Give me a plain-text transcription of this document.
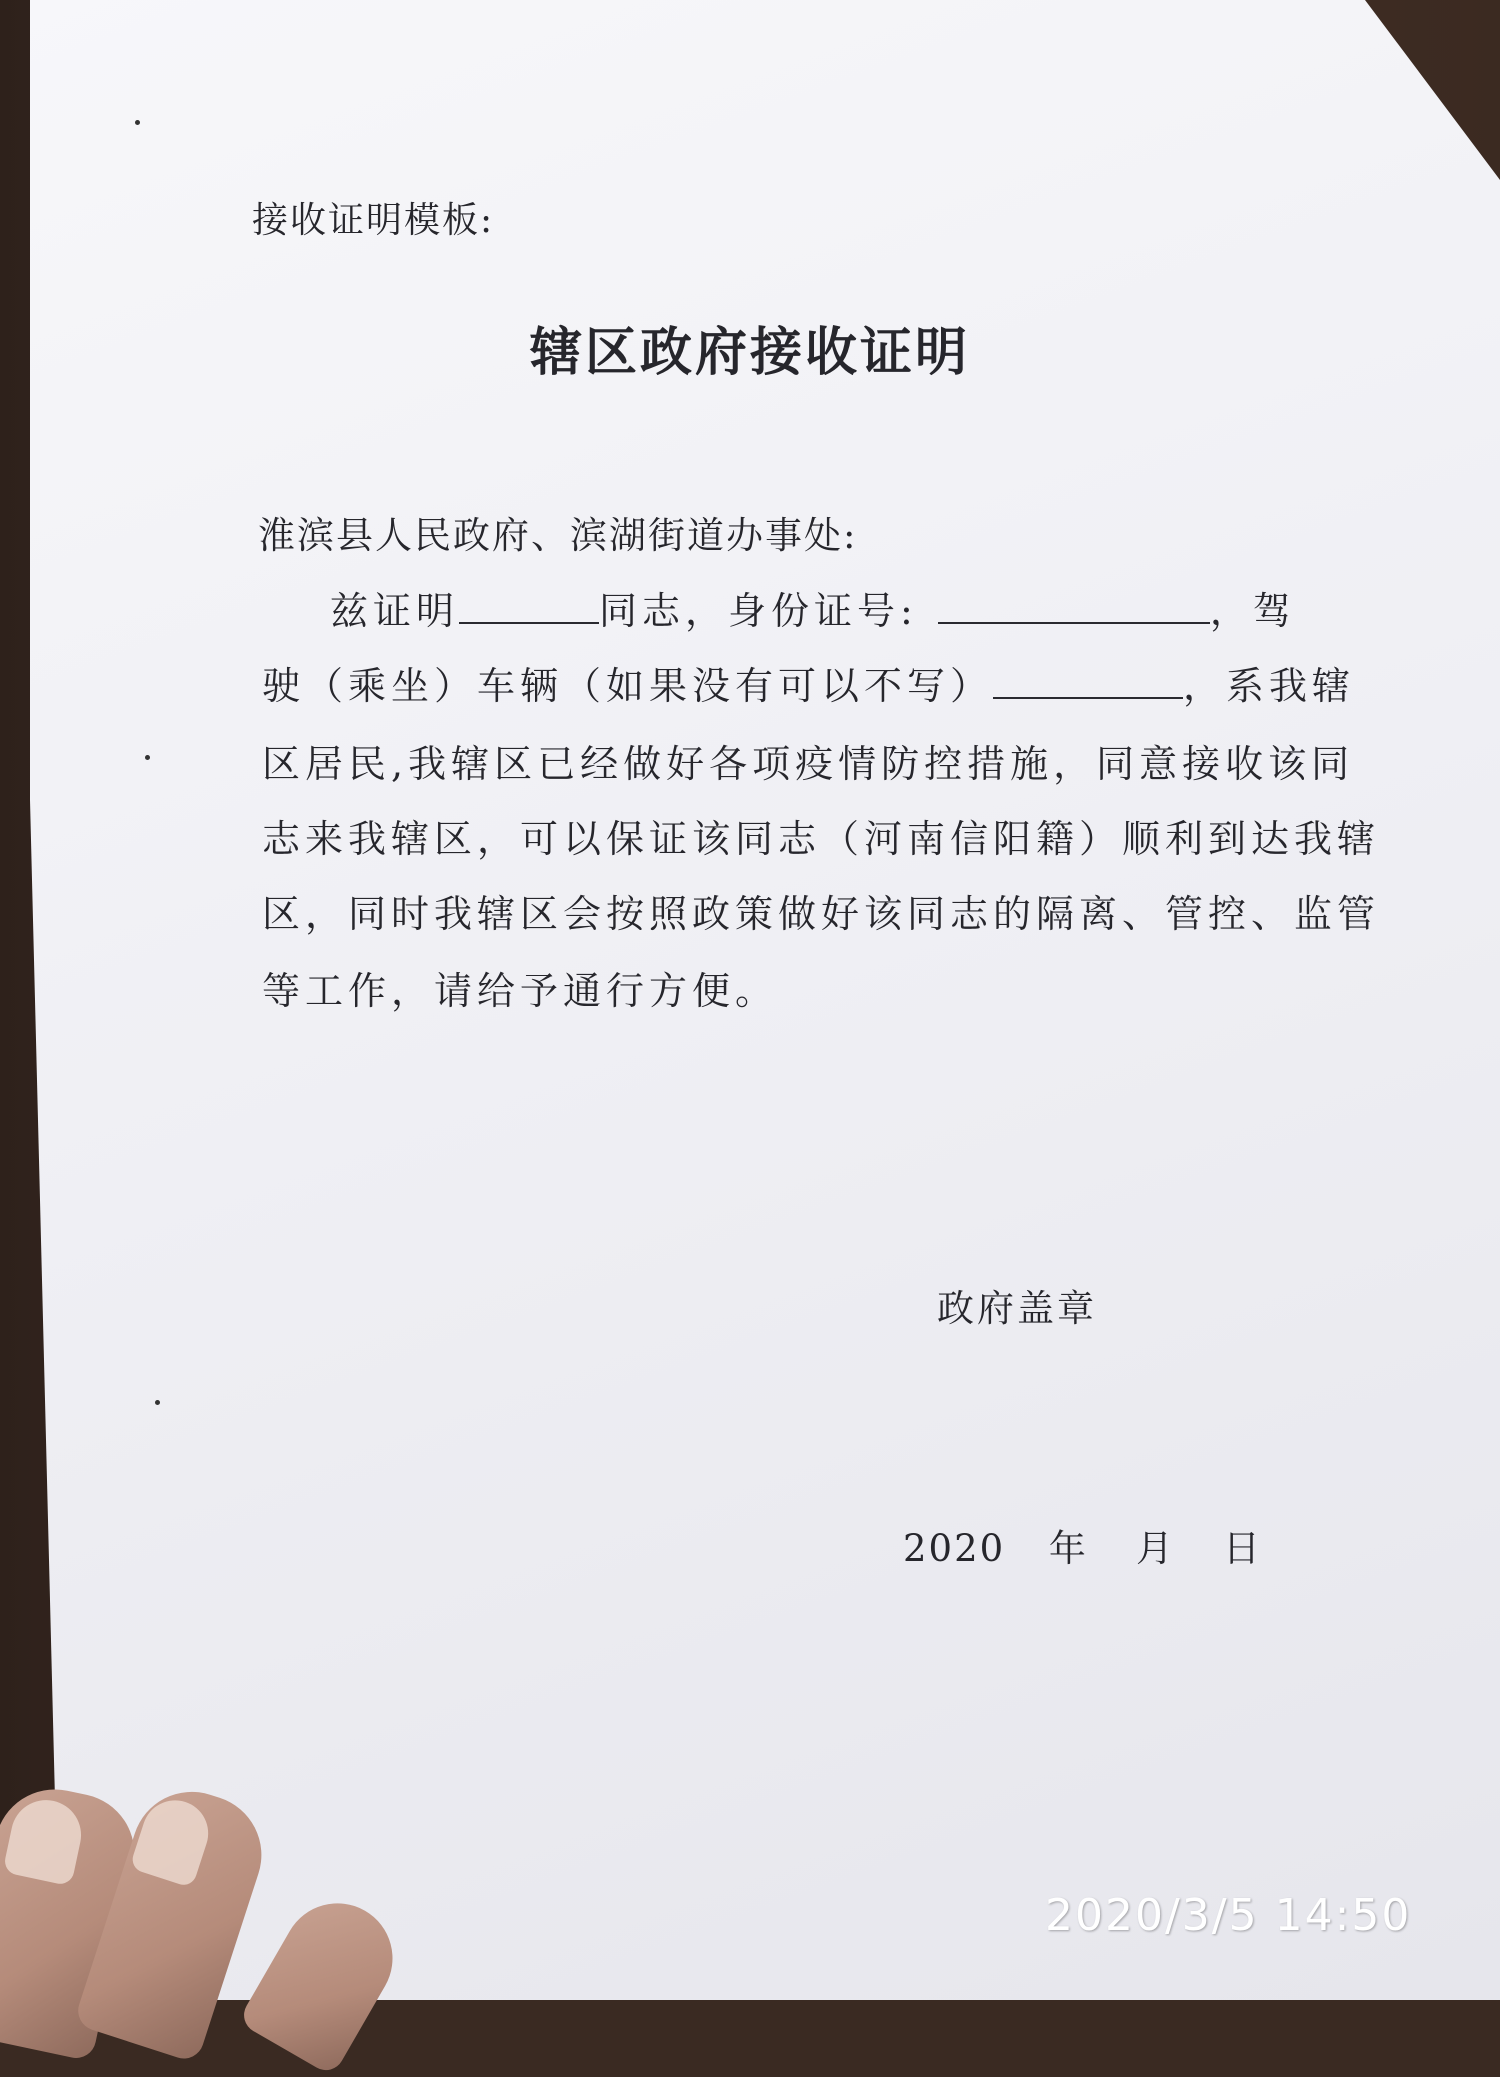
接收证明模板:
辖区政府接收证明
淮滨县人民政府、滨湖街道办事处:
兹证明	同志，身份证号:	，驾
驶（乘坐）车辆（如果没有可以不写）	，系我辖
区居民,我辖区已经做好各项疫情防控措施，同意接收该同
志来我辖区，可以保证该同志（河南信阳籍）顺利到达我辖
区，同时我辖区会按照政策做好该同志的隔离、管控、监管
等工作，请给予通行方便。
政府盖章
2020 年 月 日
2020/3/5 14:50
